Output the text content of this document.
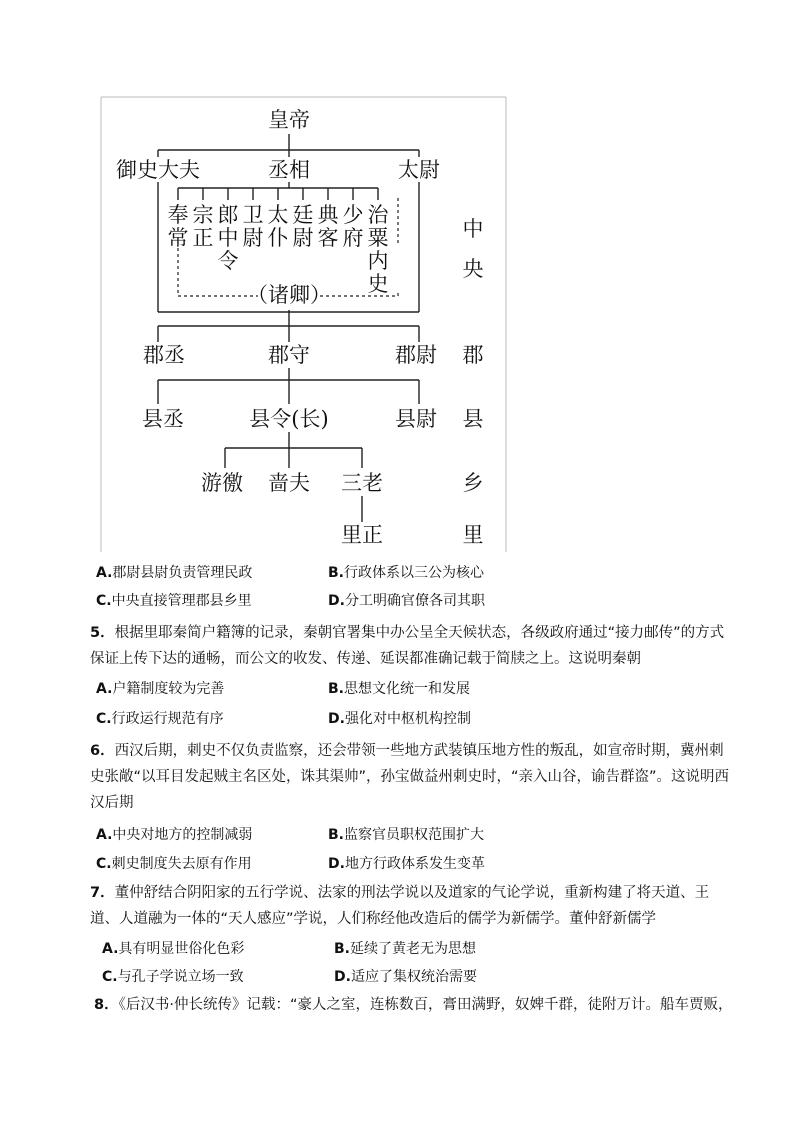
皇帝
御史大夫	丞相	太尉
奉
常
宗
正
郎
中
令
卫
尉
太
仆
廷
尉
典
客
少
府
治
粟
内
史
（诸卿）
郡丞	郡守	郡尉
县丞	县令(长)	县尉
游徼 啬夫 三老
里正
中
央
郡
县
乡
里
A.郡尉县尉负责管理民政	B.行政体系以三公为核心
C.中央直接管理郡县乡里	D.分工明确官僚各司其职
5．根据里耶秦简户籍簿的记录，秦朝官署集中办公呈全天候状态，各级政府通过“接力邮传”的方式保证上传下达的通畅，而公文的收发、传递、延误都准确记载于简牍之上。这说明秦朝
A.户籍制度较为完善	B.思想文化统一和发展
C.行政运行规范有序	D.强化对中枢机构控制
6．西汉后期，刺史不仅负责监察，还会带领一些地方武装镇压地方性的叛乱，如宣帝时期，冀州刺史张敞“以耳目发起贼主名区处，诛其渠帅”，孙宝做益州刺史时，“亲入山谷，谕告群盗”。这说明西汉后期
A.中央对地方的控制减弱	B.监察官员职权范围扩大
C.刺史制度失去原有作用	D.地方行政体系发生变革
7．董仲舒结合阴阳家的五行学说、法家的刑法学说以及道家的气论学说，重新构建了将天道、王道、人道融为一体的“天人感应”学说，人们称经他改造后的儒学为新儒学。董仲舒新儒学
A.具有明显世俗化色彩	B.延续了黄老无为思想
C.与孔子学说立场一致	D.适应了集权统治需要
8．《后汉书·仲长统传》记载：“豪人之室，连栋数百，膏田满野，奴婢千群，徒附万计。船车贾贩，
